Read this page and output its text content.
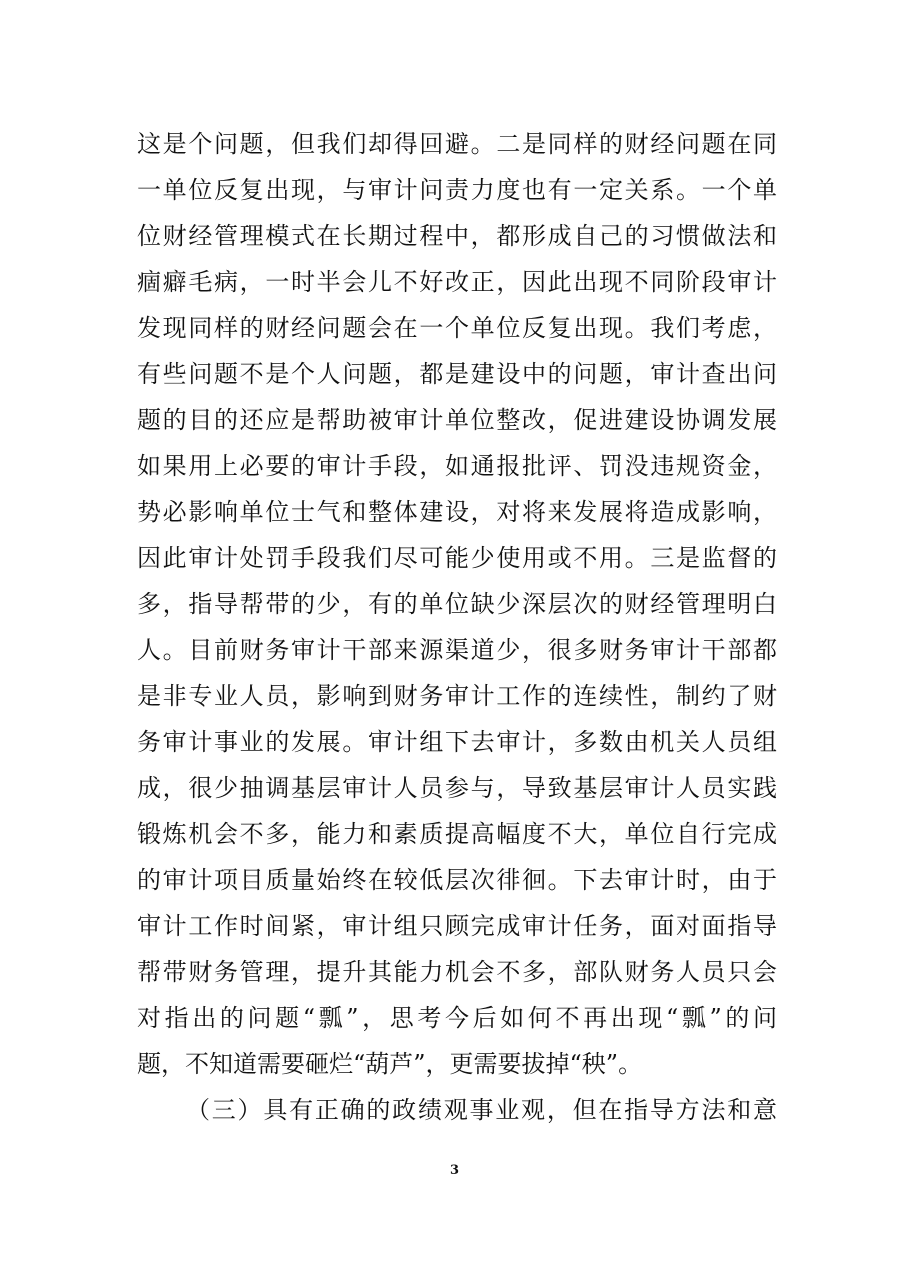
这是个问题，但我们却得回避。二是同样的财经问题在同
一单位反复出现，与审计问责力度也有一定关系。一个单
位财经管理模式在长期过程中，都形成自己的习惯做法和
痼癖毛病，一时半会儿不好改正，因此出现不同阶段审计
发现同样的财经问题会在一个单位反复出现。我们考虑，
有些问题不是个人问题，都是建设中的问题，审计查出问
题的目的还应是帮助被审计单位整改，促进建设协调发展
如果用上必要的审计手段，如通报批评、罚没违规资金，
势必影响单位士气和整体建设，对将来发展将造成影响，
因此审计处罚手段我们尽可能少使用或不用。三是监督的
多，指导帮带的少，有的单位缺少深层次的财经管理明白
人。目前财务审计干部来源渠道少，很多财务审计干部都
是非专业人员，影响到财务审计工作的连续性，制约了财
务审计事业的发展。审计组下去审计，多数由机关人员组
成，很少抽调基层审计人员参与，导致基层审计人员实践
锻炼机会不多，能力和素质提高幅度不大，单位自行完成
的审计项目质量始终在较低层次徘徊。下去审计时，由于
审计工作时间紧，审计组只顾完成审计任务，面对面指导
帮带财务管理，提升其能力机会不多，部队财务人员只会
对指出的问题“瓢”，思考今后如何不再出现“瓢”的问
题，不知道需要砸烂“葫芦”，更需要拔掉“秧”。
（三）具有正确的政绩观事业观，但在指导方法和意
3
